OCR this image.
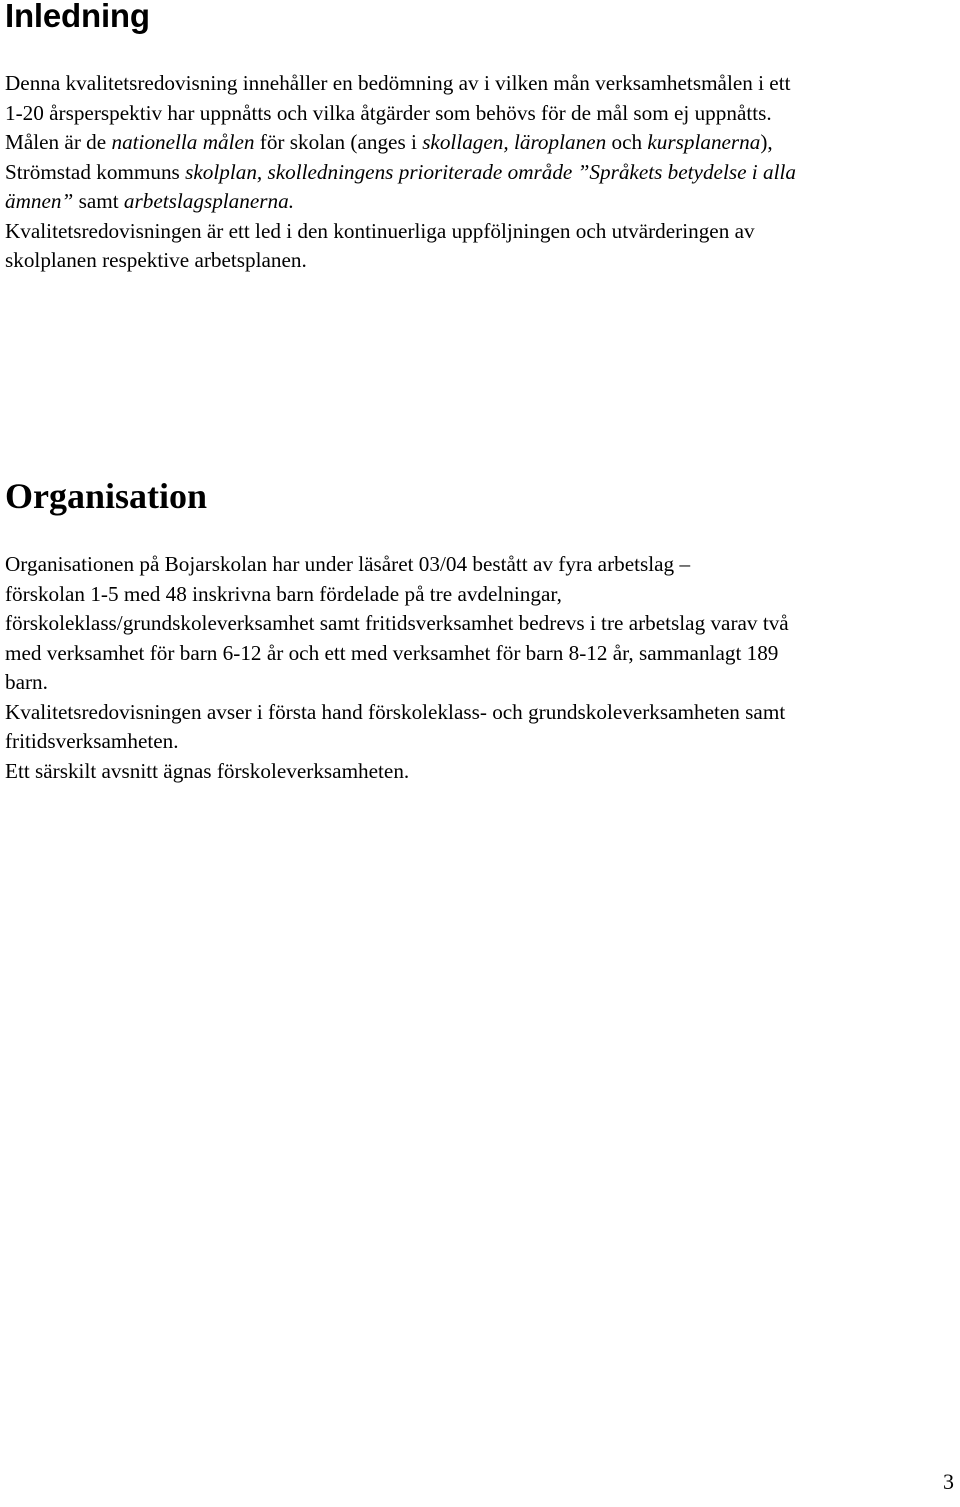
Inledning
Denna kvalitetsredovisning innehåller en bedömning av i vilken mån verksamhetsmålen i ett
1-20 årsperspektiv har uppnåtts och vilka åtgärder som behövs för de mål som ej uppnåtts.
Målen är de nationella målen för skolan (anges i skollagen, läroplanen och kursplanerna),
Strömstad kommuns skolplan, skolledningens prioriterade område ”Språkets betydelse i alla
ämnen” samt arbetslagsplanerna.
Kvalitetsredovisningen är ett led i den kontinuerliga uppföljningen och utvärderingen av
skolplanen respektive arbetsplanen.
Organisation
Organisationen på Bojarskolan har under läsåret 03/04 bestått av fyra arbetslag –
förskolan 1-5 med 48 inskrivna barn fördelade på tre avdelningar,
förskoleklass/grundskoleverksamhet samt fritidsverksamhet bedrevs i tre arbetslag varav två
med verksamhet för barn 6-12 år och ett med verksamhet för barn 8-12 år, sammanlagt 189
barn.
Kvalitetsredovisningen avser i första hand förskoleklass- och grundskoleverksamheten samt
fritidsverksamheten.
Ett särskilt avsnitt ägnas förskoleverksamheten.
3
